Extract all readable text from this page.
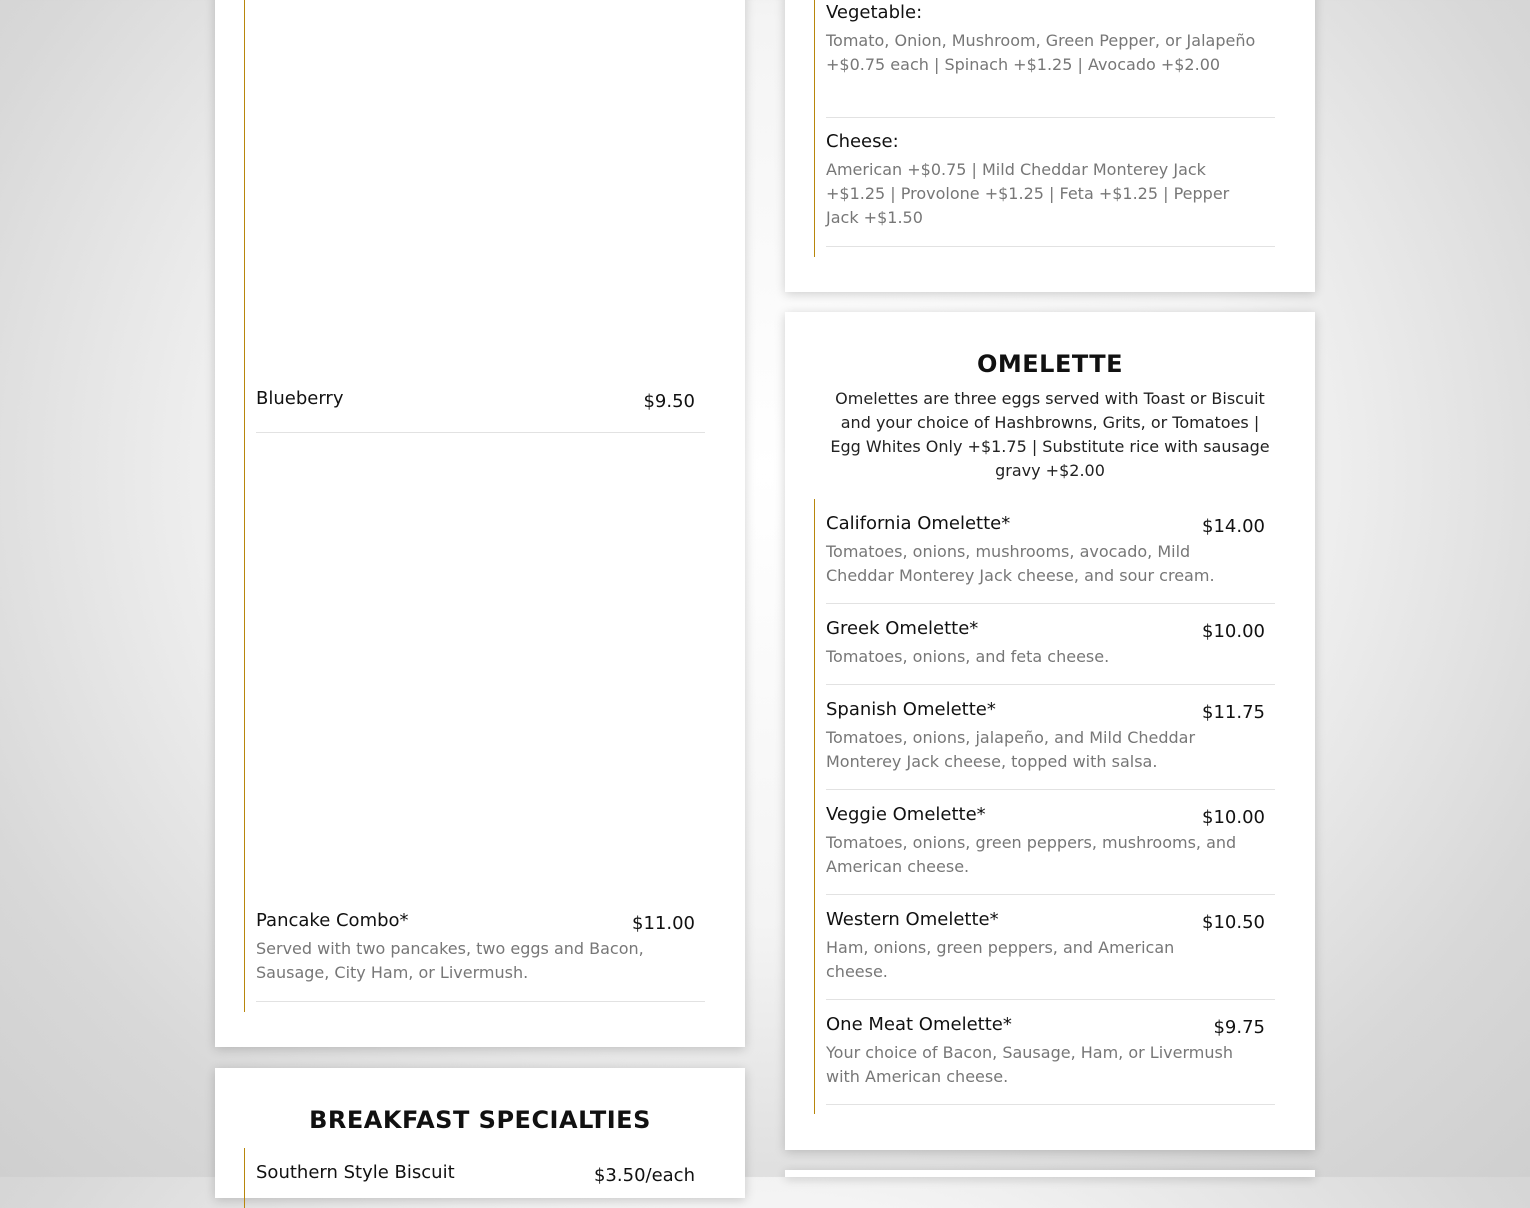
Blueberry	$9.50
Pancake Combo*	$11.00
Served with two pancakes, two eggs and Bacon, Sausage, City Ham, or Livermush.
BREAKFAST SPECIALTIES
Southern Style Biscuit	$3.50/each
Vegetable:
Tomato, Onion, Mushroom, Green Pepper, or Jalapeño +$0.75 each | Spinach +$1.25 | Avocado +$2.00
Cheese:
American +$0.75 | Mild Cheddar Monterey Jack +$1.25 | Provolone +$1.25 | Feta +$1.25 | Pepper Jack +$1.50
OMELETTE
Omelettes are three eggs served with Toast or Biscuit and your choice of Hashbrowns, Grits, or Tomatoes | Egg Whites Only +$1.75 | Substitute rice with sausage gravy +$2.00
California Omelette*	$14.00
Tomatoes, onions, mushrooms, avocado, Mild Cheddar Monterey Jack cheese, and sour cream.
Greek Omelette*	$10.00
Tomatoes, onions, and feta cheese.
Spanish Omelette*	$11.75
Tomatoes, onions, jalapeño, and Mild Cheddar Monterey Jack cheese, topped with salsa.
Veggie Omelette*	$10.00
Tomatoes, onions, green peppers, mushrooms, and American cheese.
Western Omelette*	$10.50
Ham, onions, green peppers, and American cheese.
One Meat Omelette*	$9.75
Your choice of Bacon, Sausage, Ham, or Livermush with American cheese.
